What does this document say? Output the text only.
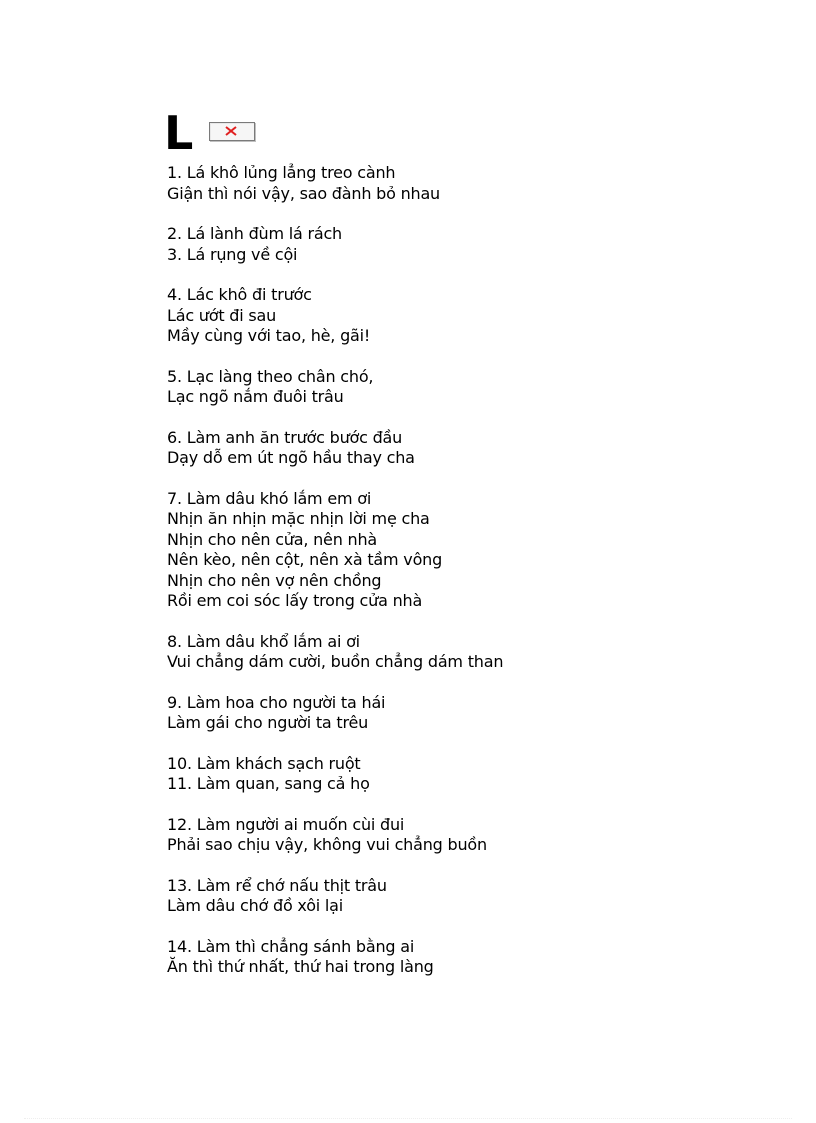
L
1. Lá khô lủng lẳng treo cành
Giận thì nói vậy, sao đành bỏ nhau
2. Lá lành đùm lá rách
3. Lá rụng về cội
4. Lác khô đi trước
Lác ướt đi sau
Mầy cùng với tao, hè, gãi!
5. Lạc làng theo chân chó,
Lạc ngõ nắm đuôi trâu
6. Làm anh ăn trước bước đầu
Dạy dỗ em út ngõ hầu thay cha
7. Làm dâu khó lắm em ơi
Nhịn ăn nhịn mặc nhịn lời mẹ cha
Nhịn cho nên cửa, nên nhà
Nên kèo, nên cột, nên xà tầm vông
Nhịn cho nên vợ nên chồng
Rồi em coi sóc lấy trong cửa nhà
8. Làm dâu khổ lắm ai ơi
Vui chẳng dám cười, buồn chẳng dám than
9. Làm hoa cho người ta hái
Làm gái cho người ta trêu
10. Làm khách sạch ruột
11. Làm quan, sang cả họ
12. Làm người ai muốn cùi đui
Phải sao chịu vậy, không vui chẳng buồn
13. Làm rể chớ nấu thịt trâu
Làm dâu chớ đồ xôi lại
14. Làm thì chẳng sánh bằng ai
Ăn thì thứ nhất, thứ hai trong làng
